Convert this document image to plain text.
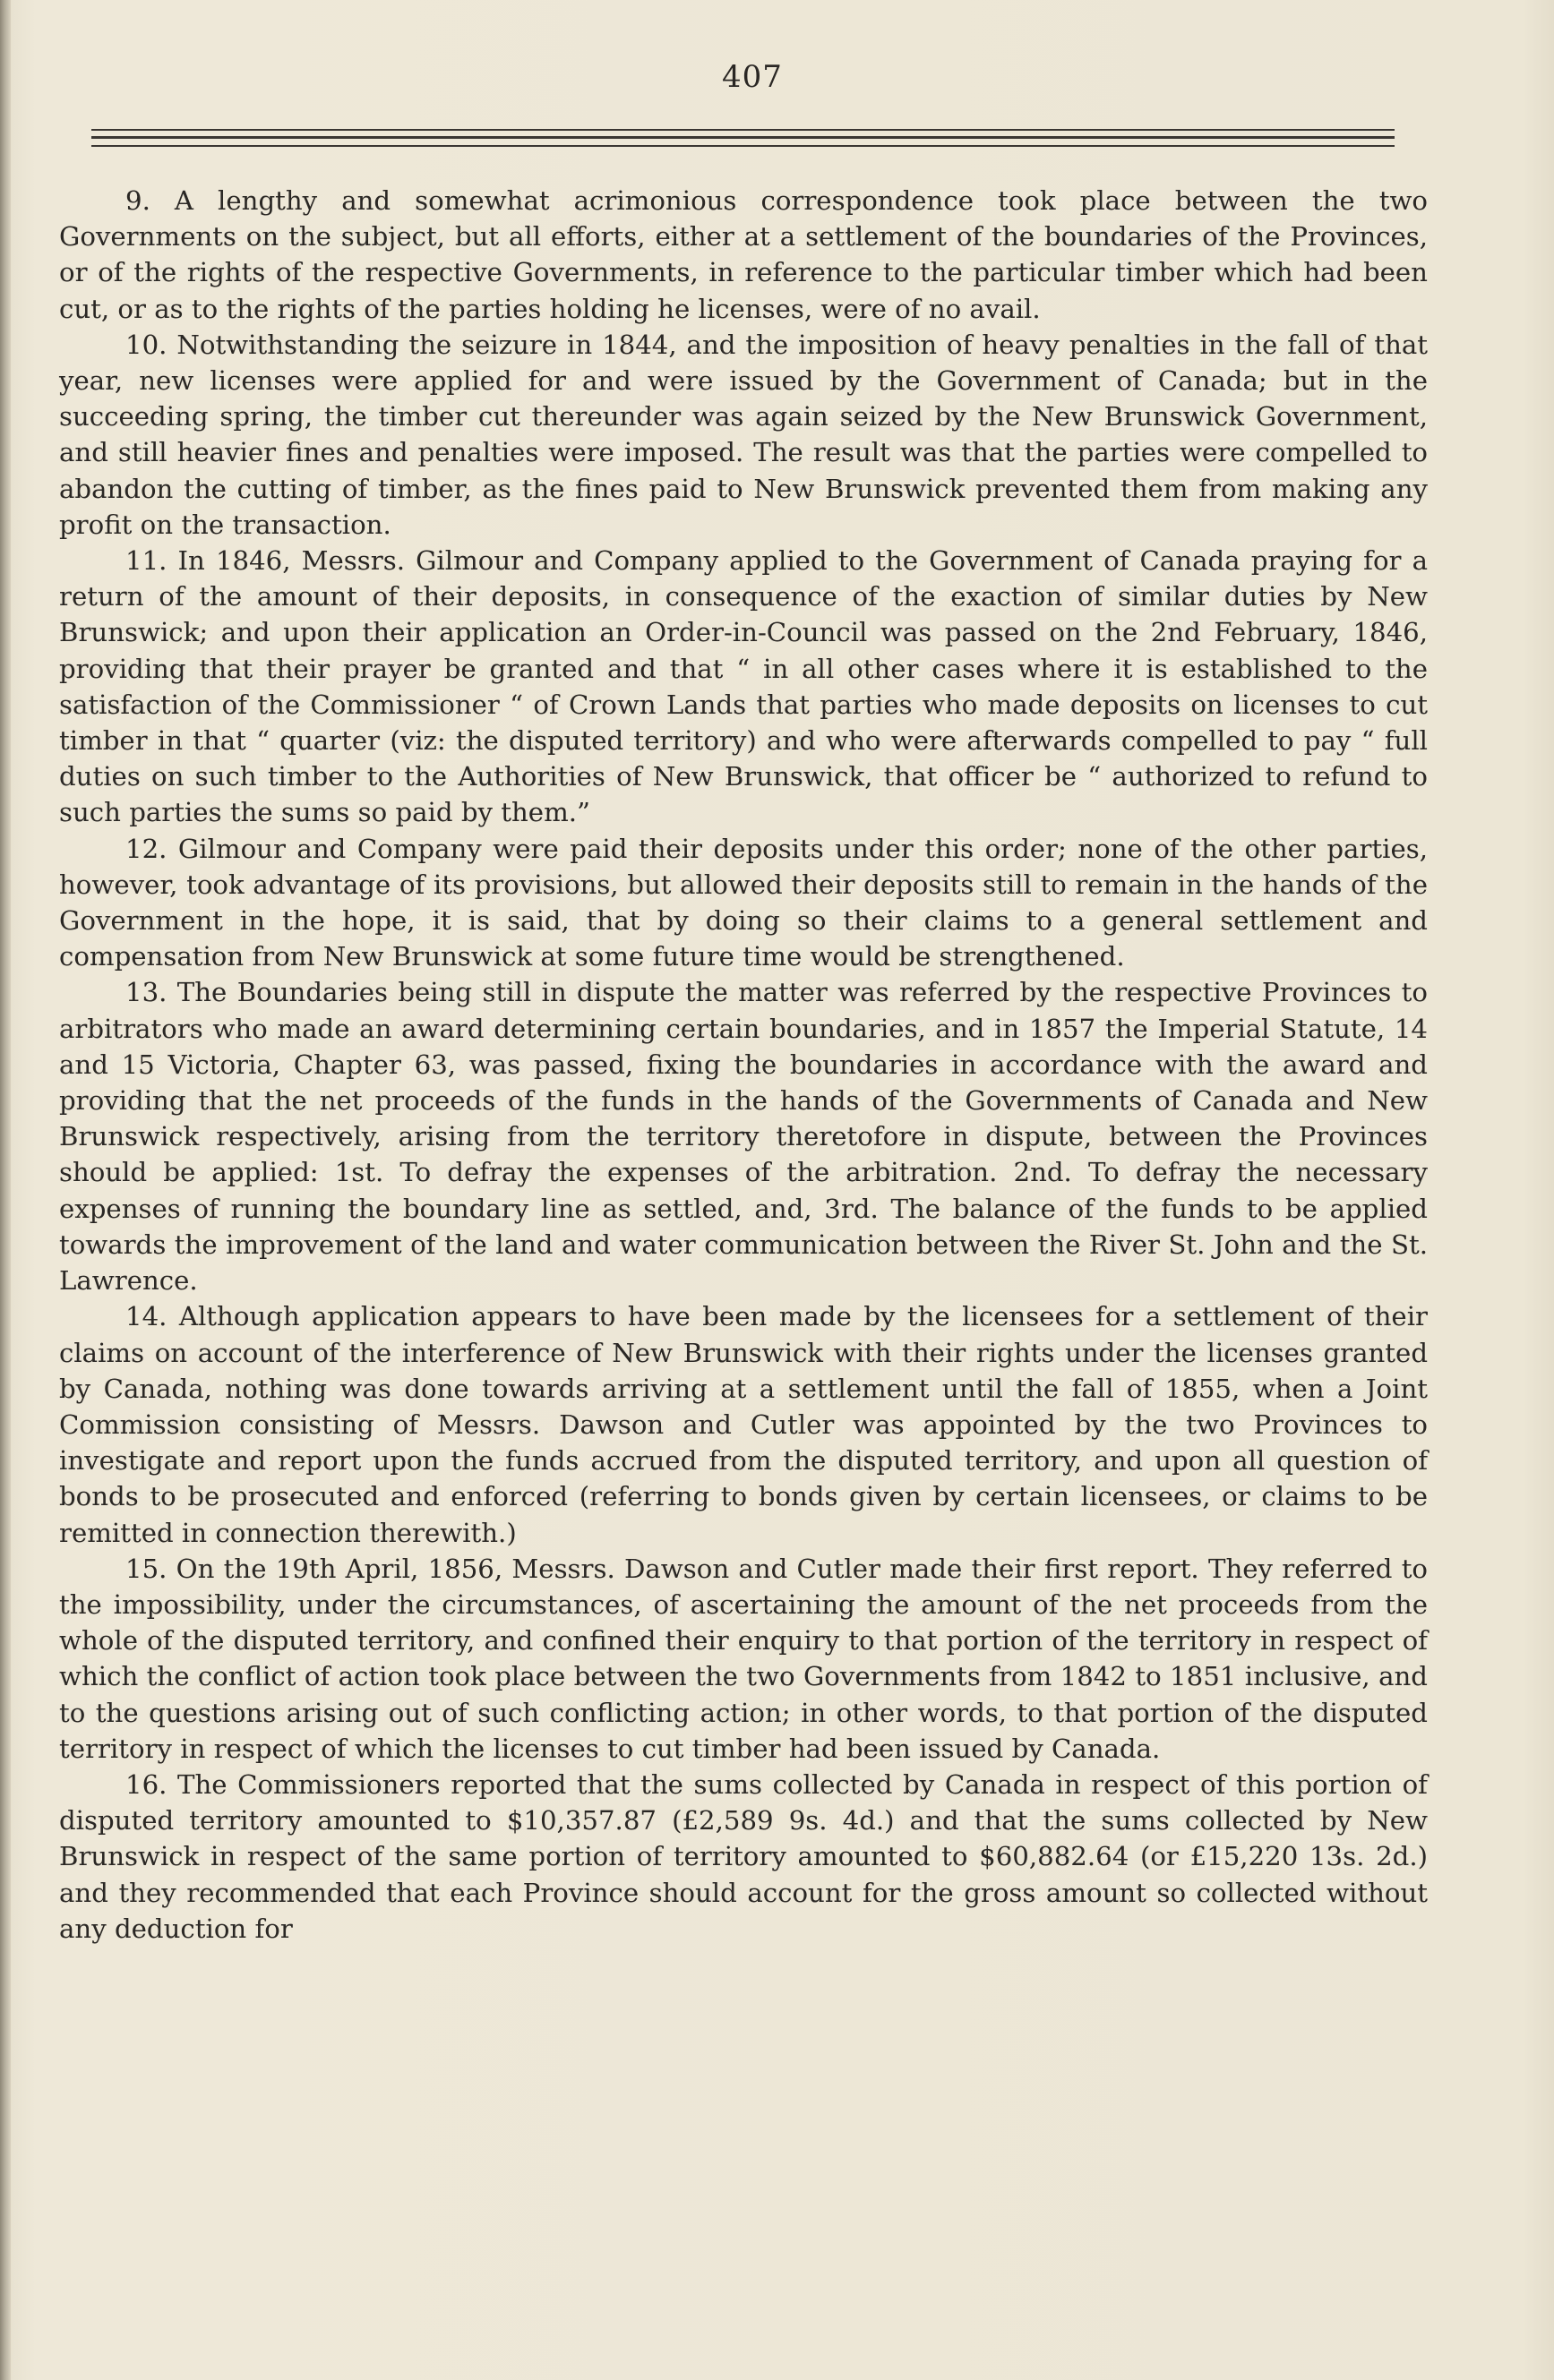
407

9. A lengthy and somewhat acrimonious correspondence took place between the two Governments on the subject, but all efforts, either at a settlement of the boundaries of the Provinces, or of the rights of the respective Governments, in reference to the particular timber which had been cut, or as to the rights of the parties holding he licenses, were of no avail.

10. Notwithstanding the seizure in 1844, and the imposition of heavy penalties in the fall of that year, new licenses were applied for and were issued by the Government of Canada; but in the succeeding spring, the timber cut thereunder was again seized by the New Brunswick Government, and still heavier fines and penalties were imposed. The result was that the parties were compelled to abandon the cutting of timber, as the fines paid to New Brunswick prevented them from making any profit on the transaction.

11. In 1846, Messrs. Gilmour and Company applied to the Government of Canada praying for a return of the amount of their deposits, in consequence of the exaction of similar duties by New Brunswick; and upon their application an Order-in-Council was passed on the 2nd February, 1846, providing that their prayer be granted and that “ in all other cases where it is established to the satisfaction of the Commissioner “ of Crown Lands that parties who made deposits on licenses to cut timber in that “ quarter (viz: the disputed territory) and who were afterwards compelled to pay “ full duties on such timber to the Authorities of New Brunswick, that officer be “ authorized to refund to such parties the sums so paid by them.”

12. Gilmour and Company were paid their deposits under this order; none of the other parties, however, took advantage of its provisions, but allowed their deposits still to remain in the hands of the Government in the hope, it is said, that by doing so their claims to a general settlement and compensation from New Brunswick at some future time would be strengthened.

13. The Boundaries being still in dispute the matter was referred by the respective Provinces to arbitrators who made an award determining certain boundaries, and in 1857 the Imperial Statute, 14 and 15 Victoria, Chapter 63, was passed, fixing the boundaries in accordance with the award and providing that the net proceeds of the funds in the hands of the Governments of Canada and New Brunswick respectively, arising from the territory theretofore in dispute, between the Provinces should be applied: 1st. To defray the expenses of the arbitration. 2nd. To defray the necessary expenses of running the boundary line as settled, and, 3rd. The balance of the funds to be applied towards the improvement of the land and water communication between the River St. John and the St. Lawrence.

14. Although application appears to have been made by the licensees for a settlement of their claims on account of the interference of New Brunswick with their rights under the licenses granted by Canada, nothing was done towards arriving at a settlement until the fall of 1855, when a Joint Commission consisting of Messrs. Dawson and Cutler was appointed by the two Provinces to investigate and report upon the funds accrued from the disputed territory, and upon all question of bonds to be prosecuted and enforced (referring to bonds given by certain licensees, or claims to be remitted in connection therewith.)

15. On the 19th April, 1856, Messrs. Dawson and Cutler made their first report. They referred to the impossibility, under the circumstances, of ascertaining the amount of the net proceeds from the whole of the disputed territory, and confined their enquiry to that portion of the territory in respect of which the conflict of action took place between the two Governments from 1842 to 1851 inclusive, and to the questions arising out of such conflicting action; in other words, to that portion of the disputed territory in respect of which the licenses to cut timber had been issued by Canada.

16. The Commissioners reported that the sums collected by Canada in respect of this portion of disputed territory amounted to $10,357.87 (£2,589 9s. 4d.) and that the sums collected by New Brunswick in respect of the same portion of territory amounted to $60,882.64 (or £15,220 13s. 2d.) and they recommended that each Province should account for the gross amount so collected without any deduction for
